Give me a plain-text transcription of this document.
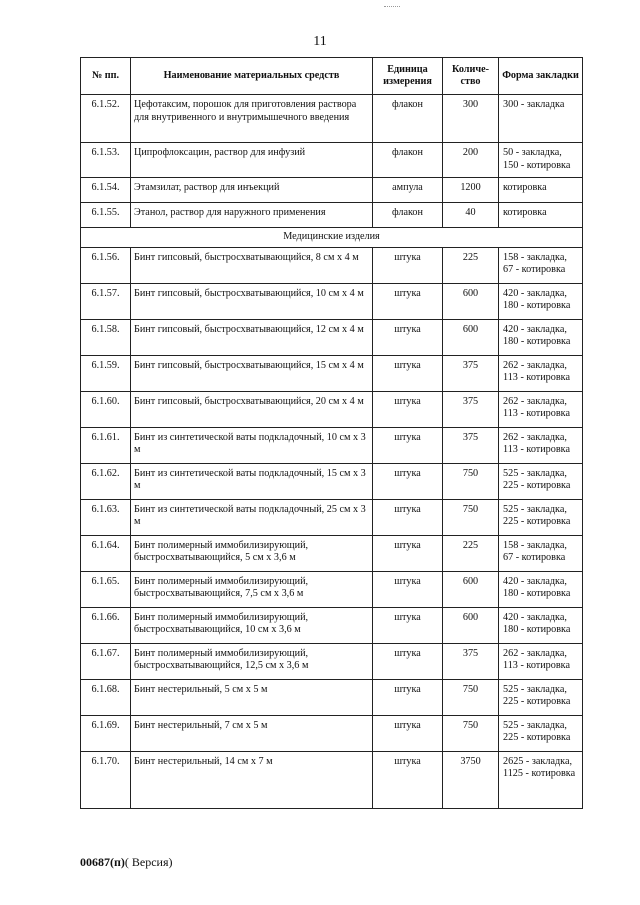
11
№ пп.	Наименование материальных средств	Единица измерения	Количе-ство	Форма закладки
6.1.52.	Цефотаксим, порошок для приготовления раствора для внутривенного и внутримышечного введения	флакон	300	300 - закладка
6.1.53.	Ципрофлоксацин, раствор для инфузий	флакон	200	50 - закладка, 150 - котировка
6.1.54.	Этамзилат, раствор для инъекций	ампула	1200	котировка
6.1.55.	Этанол, раствор для наружного применения	флакон	40	котировка
Медицинские изделия				
6.1.56.	Бинт гипсовый, быстросхватывающийся, 8 см х 4 м	штука	225	158 - закладка, 67 - котировка
6.1.57.	Бинт гипсовый, быстросхватывающийся, 10 см х 4 м	штука	600	420 - закладка, 180 - котировка
6.1.58.	Бинт гипсовый, быстросхватывающийся, 12 см х 4 м	штука	600	420 - закладка, 180 - котировка
6.1.59.	Бинт гипсовый, быстросхватывающийся, 15 см х 4 м	штука	375	262 - закладка, 113 - котировка
6.1.60.	Бинт гипсовый, быстросхватывающийся, 20 см х 4 м	штука	375	262 - закладка, 113 - котировка
6.1.61.	Бинт из синтетической ваты подкладочный, 10 см х 3 м	штука	375	262 - закладка, 113 - котировка
6.1.62.	Бинт из синтетической ваты подкладочный, 15 см х 3 м	штука	750	525 - закладка, 225 - котировка
6.1.63.	Бинт из синтетической ваты подкладочный, 25 см х 3 м	штука	750	525 - закладка, 225 - котировка
6.1.64.	Бинт полимерный иммобилизирующий, быстросхватывающийся, 5 см х 3,6 м	штука	225	158 - закладка, 67 - котировка
6.1.65.	Бинт полимерный иммобилизирующий, быстросхватывающийся, 7,5 см х 3,6 м	штука	600	420 - закладка, 180 - котировка
6.1.66.	Бинт полимерный иммобилизирующий, быстросхватывающийся, 10 см х 3,6 м	штука	600	420 - закладка, 180 - котировка
6.1.67.	Бинт полимерный иммобилизирующий, быстросхватывающийся, 12,5 см х 3,6 м	штука	375	262 - закладка, 113 - котировка
6.1.68.	Бинт нестерильный, 5 см х 5 м	штука	750	525 - закладка, 225 - котировка
6.1.69.	Бинт нестерильный, 7 см х 5 м	штука	750	525 - закладка, 225 - котировка
6.1.70.	Бинт нестерильный, 14 см х 7 м	штука	3750	2625 - закладка, 1125 - котировка
00687(п)( Версия)
